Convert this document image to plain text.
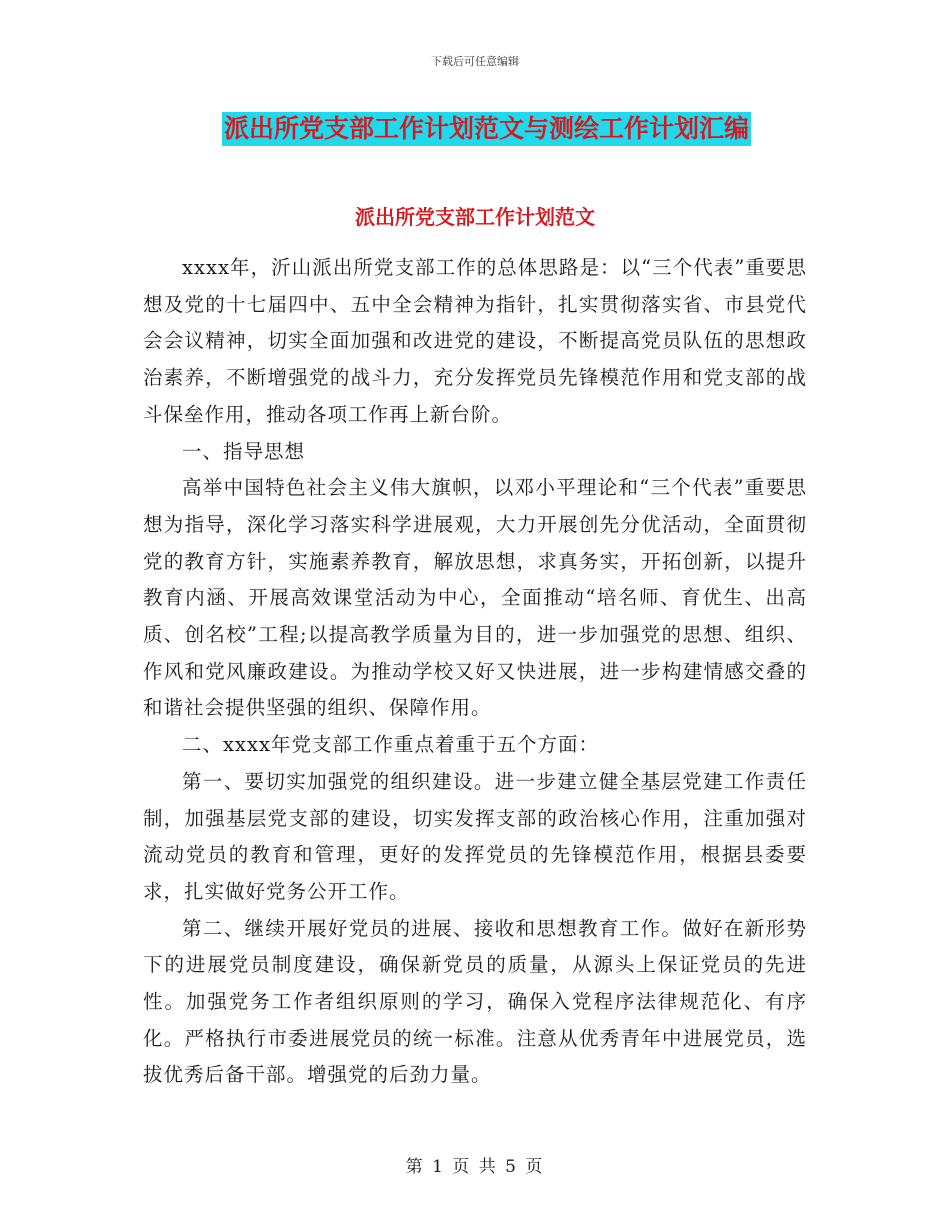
下载后可任意编辑
派出所党支部工作计划范文与测绘工作计划汇编
派出所党支部工作计划范文

xxxx年，沂山派出所党支部工作的总体思路是：以“三个代表”重要思想及党的十七届四中、五中全会精神为指针，扎实贯彻落实省、市县党代会会议精神，切实全面加强和改进党的建设，不断提高党员队伍的思想政治素养，不断增强党的战斗力，充分发挥党员先锋模范作用和党支部的战斗保垒作用，推动各项工作再上新台阶。

一、指导思想

高举中国特色社会主义伟大旗帜，以邓小平理论和“三个代表”重要思想为指导，深化学习落实科学进展观，大力开展创先分优活动，全面贯彻党的教育方针，实施素养教育，解放思想，求真务实，开拓创新，以提升教育内涵、开展高效课堂活动为中心，全面推动“培名师、育优生、出高质、创名校”工程;以提高教学质量为目的，进一步加强党的思想、组织、作风和党风廉政建设。为推动学校又好又快进展，进一步构建情感交叠的和谐社会提供坚强的组织、保障作用。

二、xxxx年党支部工作重点着重于五个方面：

第一、要切实加强党的组织建设。进一步建立健全基层党建工作责任制，加强基层党支部的建设，切实发挥支部的政治核心作用，注重加强对流动党员的教育和管理，更好的发挥党员的先锋模范作用，根据县委要求，扎实做好党务公开工作。

第二、继续开展好党员的进展、接收和思想教育工作。做好在新形势下的进展党员制度建设，确保新党员的质量，从源头上保证党员的先进性。加强党务工作者组织原则的学习，确保入党程序法律规范化、有序化。严格执行市委进展党员的统一标准。注意从优秀青年中进展党员，选拔优秀后备干部。增强党的后劲力量。

第 1 页 共 5 页
